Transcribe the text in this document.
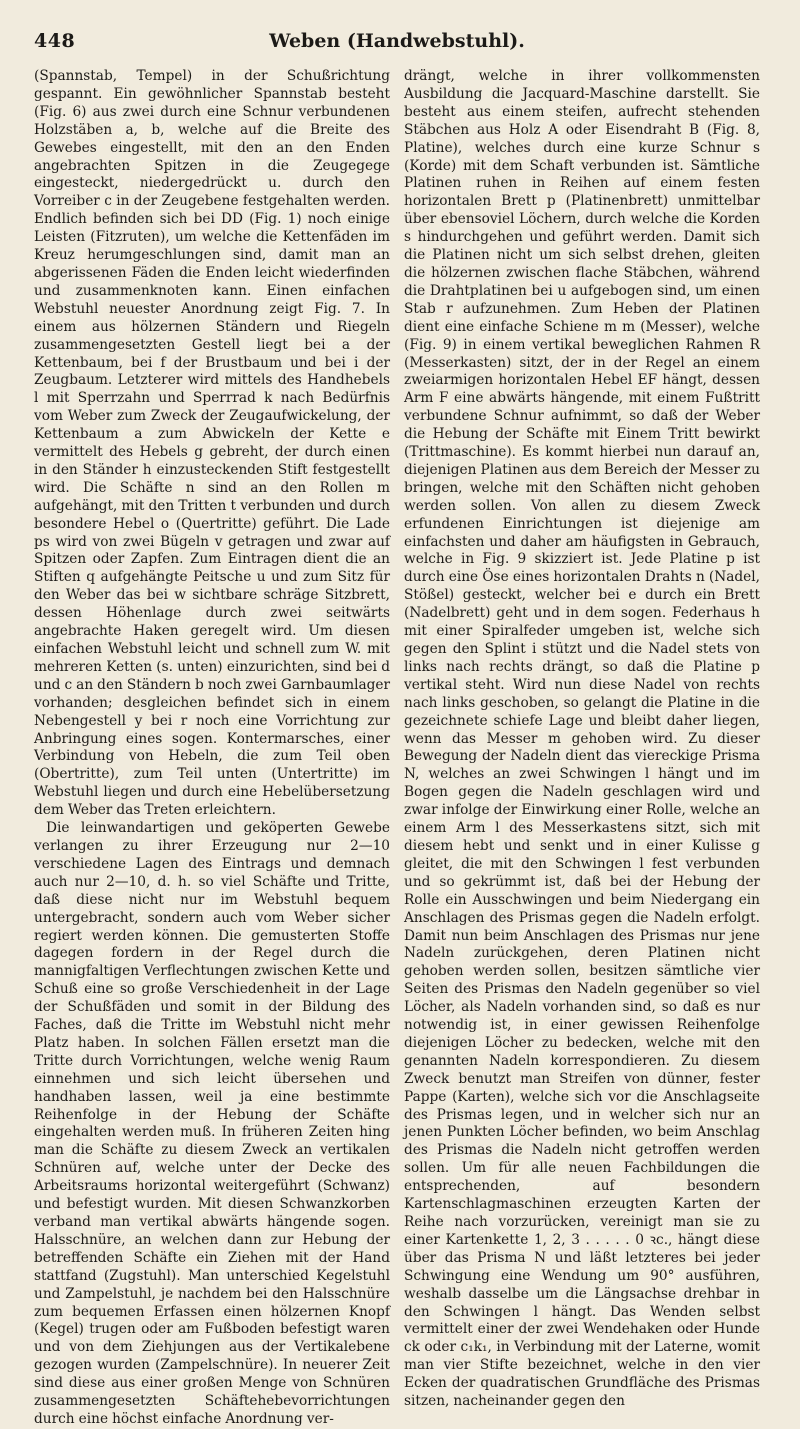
448	Weben (Handwebstuhl).

(Spannstab, Tempel) in der Schußrichtung gespannt. Ein gewöhnlicher Spannstab besteht (Fig. 6) aus zwei durch eine Schnur verbundenen Holzstäben a, b, welche auf die Breite des Gewebes eingestellt, mit den an den Enden angebrachten Spitzen in die Zeugegege eingesteckt, niedergedrückt u. durch den Vorreiber c in der Zeugebene festgehalten werden. Endlich befinden sich bei DD (Fig. 1) noch einige Leisten (Fitzruten), um welche die Kettenfäden im Kreuz herumgeschlungen sind, damit man an abgerissenen Fäden die Enden leicht wiederfinden und zusammenknoten kann. Einen einfachen Webstuhl neuester Anordnung zeigt Fig. 7. In einem aus hölzernen Ständern und Riegeln zusammengesetzten Gestell liegt bei a der Kettenbaum, bei f der Brustbaum und bei i der Zeugbaum. Letzterer wird mittels des Handhebels l mit Sperrzahn und Sperrrad k nach Bedürfnis vom Weber zum Zweck der Zeugaufwickelung, der Kettenbaum a zum Abwickeln der Kette e vermittelt des Hebels g gebreht, der durch einen in den Ständer h einzusteckenden Stift festgestellt wird. Die Schäfte n sind an den Rollen m aufgehängt, mit den Tritten t verbunden und durch besondere Hebel o (Quertritte) geführt. Die Lade ps wird von zwei Bügeln v getragen und zwar auf Spitzen oder Zapfen. Zum Eintragen dient die an Stiften q aufgehängte Peitsche u und zum Sitz für den Weber das bei w sichtbare schräge Sitzbrett, dessen Höhenlage durch zwei seitwärts angebrachte Haken geregelt wird. Um diesen einfachen Webstuhl leicht und schnell zum W. mit mehreren Ketten (s. unten) einzurichten, sind bei d und c an den Ständern b noch zwei Garnbaumlager vorhanden; desgleichen befindet sich in einem Nebengestell y bei r noch eine Vorrichtung zur Anbringung eines sogen. Kontermarsches, einer Verbindung von Hebeln, die zum Teil oben (Obertritte), zum Teil unten (Untertritte) im Webstuhl liegen und durch eine Hebelübersetzung dem Weber das Treten erleichtern.

Die leinwandartigen und geköperten Gewebe verlangen zu ihrer Erzeugung nur 2—10 verschiedene Lagen des Eintrags und demnach auch nur 2—10, d. h. so viel Schäfte und Tritte, daß diese nicht nur im Webstuhl bequem untergebracht, sondern auch vom Weber sicher regiert werden können. Die gemusterten Stoffe dagegen fordern in der Regel durch die mannigfaltigen Verflechtungen zwischen Kette und Schuß eine so große Verschiedenheit in der Lage der Schußfäden und somit in der Bildung des Faches, daß die Tritte im Webstuhl nicht mehr Platz haben. In solchen Fällen ersetzt man die Tritte durch Vorrichtungen, welche wenig Raum einnehmen und sich leicht übersehen und handhaben lassen, weil ja eine bestimmte Reihenfolge in der Hebung der Schäfte eingehalten werden muß. In früheren Zeiten hing man die Schäfte zu diesem Zweck an vertikalen Schnüren auf, welche unter der Decke des Arbeitsraums horizontal weitergeführt (Schwanz) und befestigt wurden. Mit diesen Schwanzkorben verband man vertikal abwärts hängende sogen. Halsschnüre, an welchen dann zur Hebung der betreffenden Schäfte ein Ziehen mit der Hand stattfand (Zugstuhl). Man unterschied Kegelstuhl und Zampelstuhl, je nachdem bei den Halsschnüre zum bequemen Erfassen einen hölzernen Knopf (Kegel) trugen oder am Fußboden befestigt waren und von dem Ziehjungen aus der Vertikalebene gezogen wurden (Zampelschnüre). In neuerer Zeit sind diese aus einer großen Menge von Schnüren zusammengesetzten Schäftehebevorrichtungen durch eine höchst einfache Anordnung ver-

drängt, welche in ihrer vollkommensten Ausbildung die Jacquard-Maschine darstellt. Sie besteht aus einem steifen, aufrecht stehenden Stäbchen aus Holz A oder Eisendraht B (Fig. 8, Platine), welches durch eine kurze Schnur s (Korde) mit dem Schaft verbunden ist. Sämtliche Platinen ruhen in Reihen auf einem festen horizontalen Brett p (Platinenbrett) unmittelbar über ebensoviel Löchern, durch welche die Korden s hindurchgehen und geführt werden. Damit sich die Platinen nicht um sich selbst drehen, gleiten die hölzernen zwischen flache Stäbchen, während die Drahtplatinen bei u aufgebogen sind, um einen Stab r aufzunehmen. Zum Heben der Platinen dient eine einfache Schiene m m (Messer), welche (Fig. 9) in einem vertikal beweglichen Rahmen R (Messerkasten) sitzt, der in der Regel an einem zweiarmigen horizontalen Hebel EF hängt, dessen Arm F eine abwärts hängende, mit einem Fußtritt verbundene Schnur aufnimmt, so daß der Weber die Hebung der Schäfte mit Einem Tritt bewirkt (Trittmaschine). Es kommt hierbei nun darauf an, diejenigen Platinen aus dem Bereich der Messer zu bringen, welche mit den Schäften nicht gehoben werden sollen. Von allen zu diesem Zweck erfundenen Einrichtungen ist diejenige am einfachsten und daher am häufigsten in Gebrauch, welche in Fig. 9 skizziert ist. Jede Platine p ist durch eine Öse eines horizontalen Drahts n (Nadel, Stößel) gesteckt, welcher bei e durch ein Brett (Nadelbrett) geht und in dem sogen. Federhaus h mit einer Spiralfeder umgeben ist, welche sich gegen den Splint i stützt und die Nadel stets von links nach rechts drängt, so daß die Platine p vertikal steht. Wird nun diese Nadel von rechts nach links geschoben, so gelangt die Platine in die gezeichnete schiefe Lage und bleibt daher liegen, wenn das Messer m gehoben wird. Zu dieser Bewegung der Nadeln dient das viereckige Prisma N, welches an zwei Schwingen l hängt und im Bogen gegen die Nadeln geschlagen wird und zwar infolge der Einwirkung einer Rolle, welche an einem Arm l des Messerkastens sitzt, sich mit diesem hebt und senkt und in einer Kulisse g gleitet, die mit den Schwingen l fest verbunden und so gekrümmt ist, daß bei der Hebung der Rolle ein Ausschwingen und beim Niedergang ein Anschlagen des Prismas gegen die Nadeln erfolgt. Damit nun beim Anschlagen des Prismas nur jene Nadeln zurückgehen, deren Platinen nicht gehoben werden sollen, besitzen sämtliche vier Seiten des Prismas den Nadeln gegenüber so viel Löcher, als Nadeln vorhanden sind, so daß es nur notwendig ist, in einer gewissen Reihenfolge diejenigen Löcher zu bedecken, welche mit den genannten Nadeln korrespondieren. Zu diesem Zweck benutzt man Streifen von dünner, fester Pappe (Karten), welche sich vor die Anschlagseite des Prismas legen, und in welcher sich nur an jenen Punkten Löcher befinden, wo beim Anschlag des Prismas die Nadeln nicht getroffen werden sollen. Um für alle neuen Fachbildungen die entsprechenden, auf besondern Kartenschlagmaschinen erzeugten Karten der Reihe nach vorzurücken, vereinigt man sie zu einer Kartenkette 1, 2, 3 . . . . . 0 ꝛc., hängt diese über das Prisma N und läßt letzteres bei jeder Schwingung eine Wendung um 90° ausführen, weshalb dasselbe um die Längsachse drehbar in den Schwingen l hängt. Das Wenden selbst vermittelt einer der zwei Wendehaken oder Hunde ck oder c₁k₁, in Verbindung mit der Laterne, womit man vier Stifte bezeichnet, welche in den vier Ecken der quadratischen Grundfläche des Prismas sitzen, nacheinander gegen den
